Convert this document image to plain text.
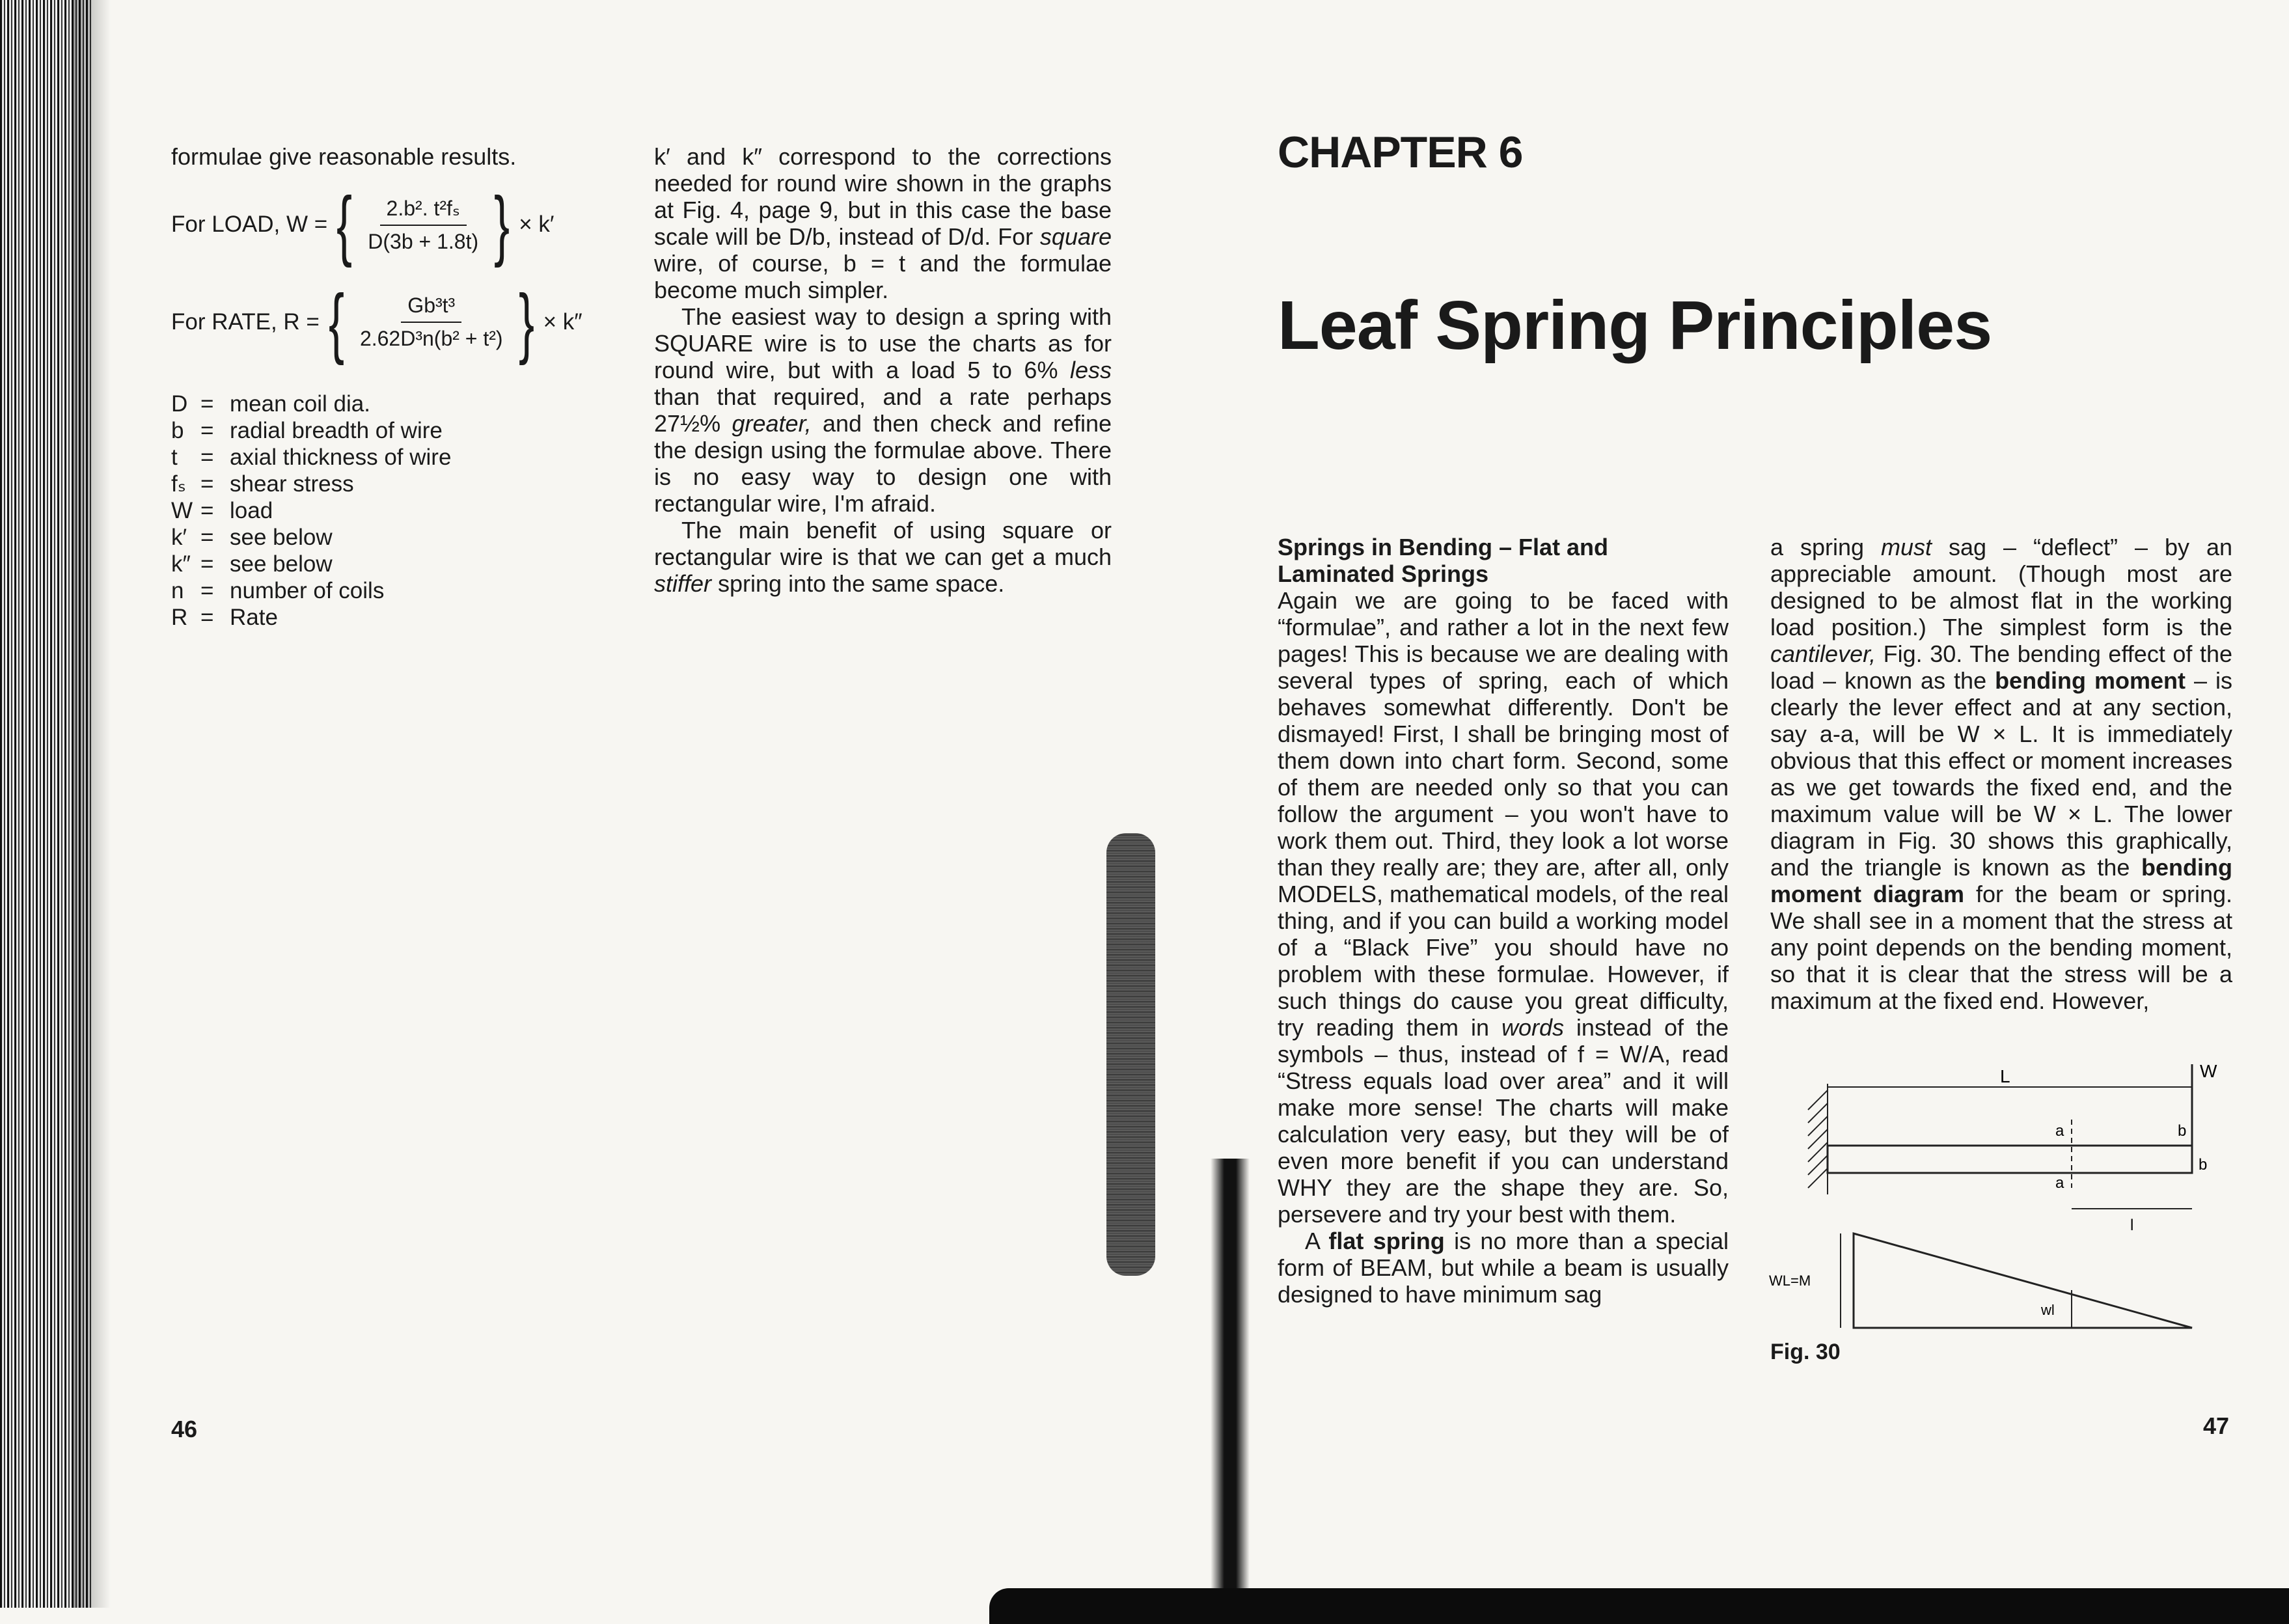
formulae give reasonable results.

For LOAD, W = { $\frac{\text{2.b². t²fₛ}}{D(3b + 1.8t)}$ } × k′
For RATE, R = { $\frac{\text{Gb³t³}}{\text{2.62D³n(b² + t²)}}$ } × k″
D = mean coil dia.
b = radial breadth of wire
t	= axial thickness of wire
fₛ = shear stress
W = load
k′ = see below
k″ = see below
n = number of coils
R = Rate

k′ and k″ correspond to the corrections needed for round wire shown in the graphs at Fig. 4, page 9, but in this case the base scale will be D/b, instead of D/d. For square wire, of course, b = t and the formulae become much simpler.

The easiest way to design a spring with SQUARE wire is to use the charts as for round wire, but with a load 5 to 6% less than that required, and a rate perhaps 27½% greater, and then check and refine the design using the formulae above. There is no easy way to design one with rectangular wire, I'm afraid.

The main benefit of using square or rectangular wire is that we can get a much stiffer spring into the same space.

46
CHAPTER 6
Leaf Spring Principles

Springs in Bending – Flat and Laminated Springs

Again we are going to be faced with “formulae”, and rather a lot in the next few pages! This is because we are dealing with several types of spring, each of which behaves somewhat differently. Don't be dismayed! First, I shall be bringing most of them down into chart form. Second, some of them are needed only so that you can follow the argument – you won't have to work them out. Third, they look a lot worse than they really are; they are, after all, only MODELS, mathematical models, of the real thing, and if you can build a working model of a “Black Five” you should have no problem with these formulae. However, if such things do cause you great difficulty, try reading them in words instead of the symbols – thus, instead of f = W/A, read “Stress equals load over area” and it will make more sense! The charts will make calculation very easy, but they will be of even more benefit if you can understand WHY they are the shape they are. So, persevere and try your best with them.

A flat spring is no more than a special form of BEAM, but while a beam is usually designed to have minimum sag

a spring must sag – “deflect” – by an appreciable amount. (Though most are designed to be almost flat in the working load position.) The simplest form is the cantilever, Fig. 30. The bending effect of the load – known as the bending moment – is clearly the lever effect and at any section, say a-a, will be W × L. It is immediately obvious that this effect or moment increases as we get towards the fixed end, and the maximum value will be W × L. The lower diagram in Fig. 30 shows this graphically, and the triangle is known as the bending moment diagram for the beam or spring. We shall see in a moment that the stress at any point depends on the bending moment, so that it is clear that the stress will be a maximum at the fixed end. However,

L	W
a
a
b
b
l
WL=M
wl
Fig. 30
47
